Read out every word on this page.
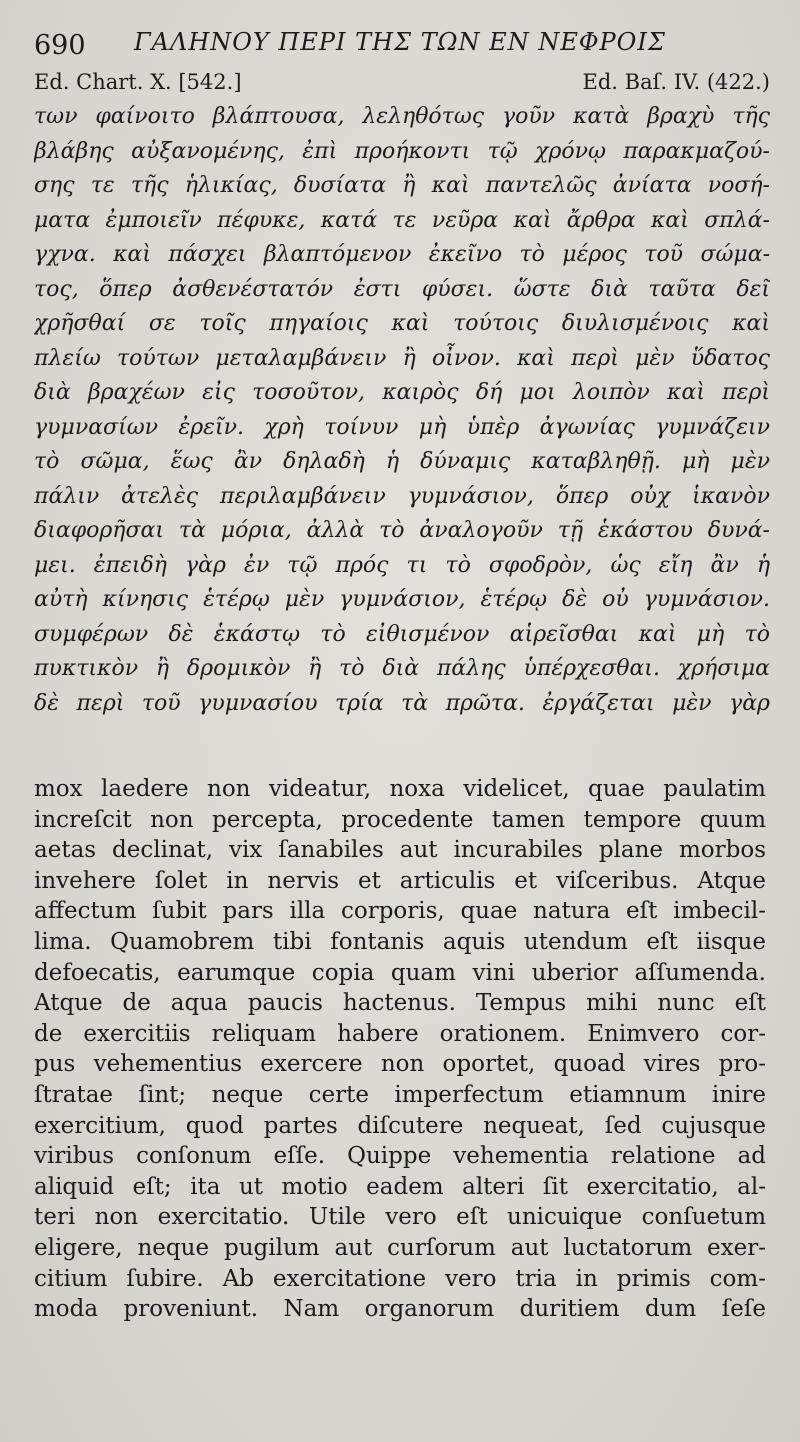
690 ΓΑΛΗΝΟΥ ΠΕΡΙ ΤΗΣ ΤΩΝ ΕΝ ΝΕΦΡΟΙΣ
Ed. Chart. X. [542.]	Ed. Baſ. IV. (422.)
των φαίνοιτο βλάπτουσα, λεληθότως γοῦν κατὰ βραχὺ τῆς
βλάβης αὐξανομένης, ἐπὶ προήκοντι τῷ χρόνῳ παρακμαζού-
σης τε τῆς ἡλικίας, δυσίατα ἢ καὶ παντελῶς ἀνίατα νοσή-
ματα ἐμποιεῖν πέφυκε, κατά τε νεῦρα καὶ ἄρθρα καὶ σπλά-
γχνα. καὶ πάσχει βλαπτόμενον ἐκεῖνο τὸ μέρος τοῦ σώμα-
τος, ὅπερ ἀσθενέστατόν ἐστι φύσει. ὥστε διὰ ταῦτα δεῖ
χρῆσθαί σε τοῖς πηγαίοις καὶ τούτοις διυλισμένοις καὶ
πλείω τούτων μεταλαμβάνειν ἢ οἶνον. καὶ περὶ μὲν ὕδατος
διὰ βραχέων εἰς τοσοῦτον, καιρὸς δή μοι λοιπὸν καὶ περὶ
γυμνασίων ἐρεῖν. χρὴ τοίνυν μὴ ὑπὲρ ἀγωνίας γυμνάζειν
τὸ σῶμα, ἕως ἂν δηλαδὴ ἡ δύναμις καταβληθῇ. μὴ μὲν
πάλιν ἀτελὲς περιλαμβάνειν γυμνάσιον, ὅπερ οὐχ ἱκανὸν
διαφορῆσαι τὰ μόρια, ἀλλὰ τὸ ἀναλογοῦν τῇ ἑκάστου δυνά-
μει. ἐπειδὴ γὰρ ἐν τῷ πρός τι τὸ σφοδρὸν, ὡς εἴη ἂν ἡ
αὐτὴ κίνησις ἑτέρῳ μὲν γυμνάσιον, ἑτέρῳ δὲ οὐ γυμνάσιον.
συμφέρων δὲ ἑκάστῳ τὸ εἰθισμένον αἱρεῖσθαι καὶ μὴ τὸ
πυκτικὸν ἢ δρομικὸν ἢ τὸ διὰ πάλης ὑπέρχεσθαι. χρήσιμα
δὲ περὶ τοῦ γυμνασίου τρία τὰ πρῶτα. ἐργάζεται μὲν γὰρ
mox laedere non videatur, noxa videlicet, quae paulatim
increſcit non percepta, procedente tamen tempore quum
aetas declinat, vix ſanabiles aut incurabiles plane morbos
invehere ſolet in nervis et articulis et viſceribus. Atque
affectum ſubit pars illa corporis, quae natura eſt imbecil-
lima. Quamobrem tibi fontanis aquis utendum eſt iisque
defoecatis, earumque copia quam vini uberior aſſumenda.
Atque de aqua paucis hactenus. Tempus mihi nunc eſt
de exercitiis reliquam habere orationem. Enimvero cor-
pus vehementius exercere non oportet, quoad vires pro-
ſtratae ſint; neque certe imperfectum etiamnum inire
exercitium, quod partes diſcutere nequeat, ſed cujusque
viribus conſonum eſſe. Quippe vehementia relatione ad
aliquid eſt; ita ut motio eadem alteri ſit exercitatio, al-
teri non exercitatio. Utile vero eſt unicuique conſuetum
eligere, neque pugilum aut curſorum aut luctatorum exer-
citium ſubire. Ab exercitatione vero tria in primis com-
moda proveniunt. Nam organorum duritiem dum ſeſe
